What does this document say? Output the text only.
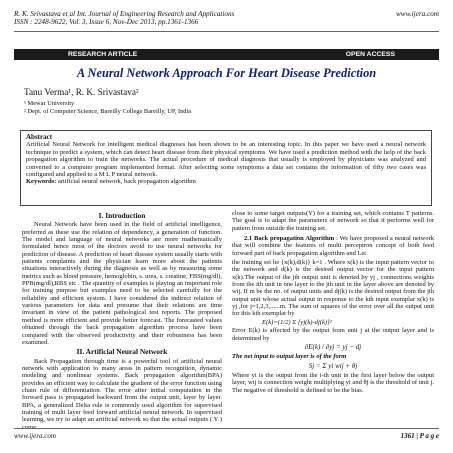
R. K. Srivastava et al Int. Journal of Engineering Research and Applications
ISSN : 2248-9622, Vol. 3, Issue 6, Nov-Dec 2013, pp.1361-1366
www.ijera.com
RESEARCH ARTICLE	OPEN ACCESS
A Neural Network Approach For Heart Disease Prediction
Tanu Verma¹, R. K. Srivastava²
¹ Mewar University
² Dept. of Computer Science, Bareilly College Bareilly, UP, India
Abstract
Artificial Neural Network for intelligent medical diagnoses has been shown to be an interesting topic. In this paper we have used a neural network technique to predict a system, which can detect heart disease from their physical symptoms. We have used a prediction method with the help of the back propagation algorithm to train the networks. The actual procedure of medical diagnosis that usually is employed by physicians was analyzed and converted to a computer program implemented format. After selecting some symptoms a data set contains the information of fifty two cases was configured and applied to a M L P neural network.
Keywords: artificial neural network, back propagation algorithm
I. Introduction

Neural Network have been used in the field of artificial intelligence, preferred as these use the relation of dependency, a generation of function. The model and language of neural networks are more mathematically formulated hence most of the doctors avoid to use neural networks for prediction of disease. A prediction of heart disease system usually starts with patients complaints and the physician learn more about the patients situations interactively during the diagnosis as well as by measuring some metrics such as blood pressure, hemoglobin, s. urea, s. creatine, FBS(mg/dl), PPB(mg/dl),RBS etc . The quantity of examples is playing an important role for training purpose but examples need to be selected carefully for the reliability and efficient system. I have considered the indirect relation of various parameters for data and presume that their relations are time invariant in view of the patient pathological test reports. The proposed method is more efficient and provide better forecast. The forecasted values obtained through the back propagation algorithm process have been compared with the observed productivity and their robustness has been examined.

II. Artificial Neural Network

Back Propagation through time is a powerful tool of artificial neural network with application to many areas in pattern recognition, dynamic modeling and nonlinear systems. Back propagation algorithm(BPA) provides an efficient way to calculate the gradient of the error function using chain rule of differentiation. The error after initial computation in the forward pass is propagated backward from the output unit, layer by layer. BPA, a generalized Delta rule is commonly used algorithm for supervised training of multi layer feed forward artificial neural network. In supervised learning, we try to adapt an artificial network so that the actual outputs ( Y ) come

close to some target outputs(Y) for a training set, which contains T patterns. The goal is to adapt the parameters of network so that it performs well for pattern from outside the training set.

2.1 Back propagation Algorithm : We have proposed a neural network that will combine the features of multi perceptron concept of both feed forward part of back propagation algorithm and Let

the training set be {x(k),d(k)} k=1 . Where x(k) is the input pattern vector to the network and d(k) is the desired output vector for the input pattern x(k).The output of the jth output unit is denoted by yj , connections weights from the ith unit in one layer to the jth unit in the layer above are denoted by wij. If m be the no. of output units and dj(k) is the desired output from the jth output unit whose actual output in response to the kth input exemplar x(k) is yj ,for j=1,2,3,......m. The sum of squares of the error over all the output unit for this kth exemplar by

E(k)=(1/2) Σ [yj(k)-dj(k)]²

Error E(k) is affected by the output from unit j at the output layer and is determined by

∂E(k) / ∂yj = yj − dj
The net input to output layer is of the form
Sj = Σ yi wij + θj

Where yi is the output from the i-th unit in the first layer below the output layer, wij is connection weight multiplying yi and θj is the threshold of unit j. The negative of threshold is defined to be the bias.

www.ijera.com	1361 | P a g e
